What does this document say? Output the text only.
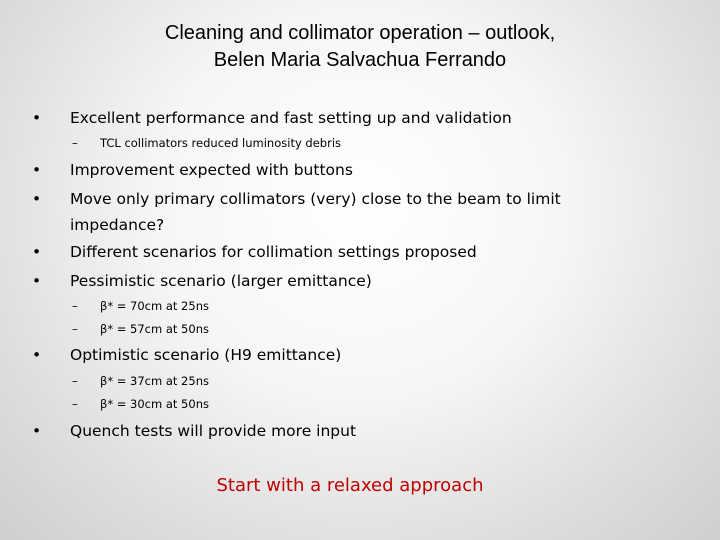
Cleaning and collimator operation – outlook,
Belen Maria Salvachua Ferrando
•	Excellent performance and fast setting up and validation
– TCL collimators reduced luminosity debris
•	Improvement expected with buttons
•	Move only primary collimators (very) close to the beam to limit impedance?
•	Different scenarios for collimation settings proposed
•	Pessimistic scenario (larger emittance)
– β* = 70cm at 25ns
– β* = 57cm at 50ns
•	Optimistic scenario (H9 emittance)
– β* = 37cm at 25ns
– β* = 30cm at 50ns
•	Quench tests will provide more input
Start with a relaxed approach
